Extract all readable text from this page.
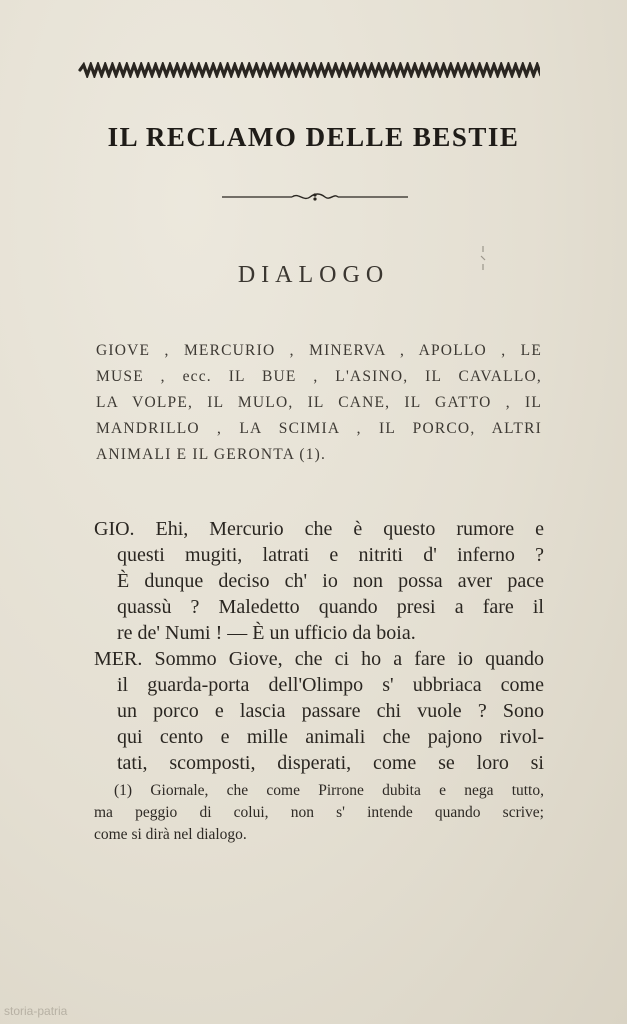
IL RECLAMO DELLE BESTIE
DIALOGO
GIOVE , MERCURIO , MINERVA , APOLLO , LE
MUSE , ecc. IL BUE , L'ASINO, IL CAVALLO,
LA VOLPE, IL MULO, IL CANE, IL GATTO , IL
MANDRILLO , LA SCIMIA , IL PORCO, ALTRI
ANIMALI E IL GERONTA (1).
GIO. Ehi, Mercurio che è questo rumore e
questi mugiti, latrati e nitriti d' inferno ?
È dunque deciso ch' io non possa aver pace
quassù ? Maledetto quando presi a fare il
re de' Numi ! — È un ufficio da boia.
MER. Sommo Giove, che ci ho a fare io quando
il guarda-porta dell'Olimpo s' ubbriaca come
un porco e lascia passare chi vuole ? Sono
qui cento e mille animali che pajono rivol-
tati, scomposti, disperati, come se loro si
(1) Giornale, che come Pirrone dubita e nega tutto,
ma peggio di colui, non s' intende quando scrive;
come si dirà nel dialogo.
storia-patria
